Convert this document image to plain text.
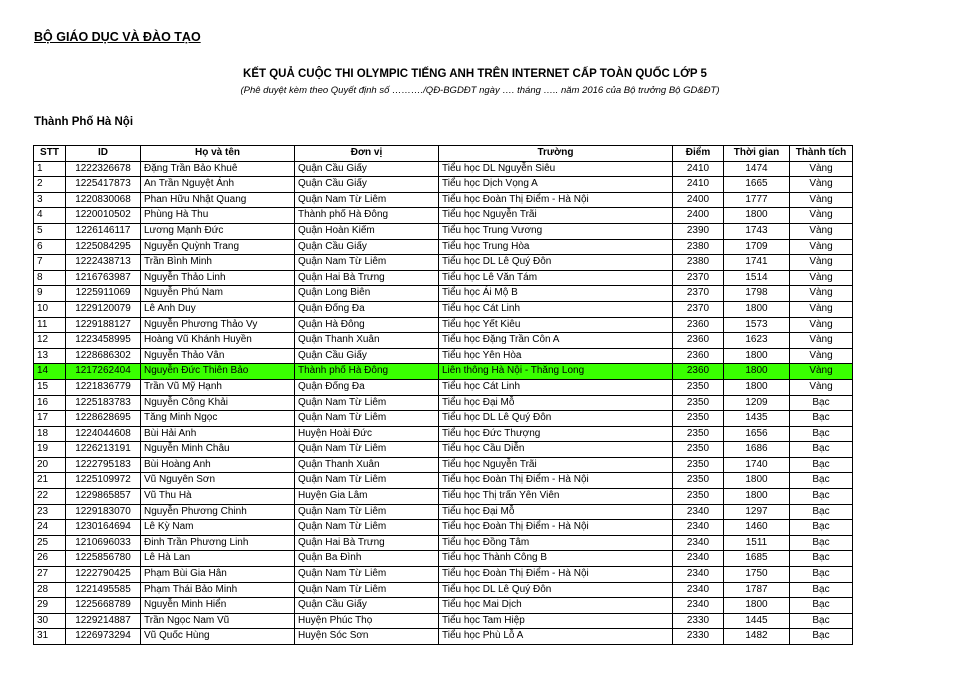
BỘ GIÁO DỤC VÀ ĐÀO TẠO
KẾT QUẢ CUỘC THI OLYMPIC TIẾNG ANH TRÊN INTERNET CẤP TOÀN QUỐC LỚP 5
(Phê duyệt kèm theo Quyết định số ………./QĐ-BGDĐT ngày …. tháng ….. năm 2016 của Bộ trưởng Bộ GD&ĐT)
Thành Phố Hà Nội
STT	ID	Họ và tên	Đơn vị	Trường	Điểm	Thời gian	Thành tích
1	1222326678	Đặng Trần Bảo Khuê	Quận Cầu Giấy	Tiểu học DL Nguyễn Siêu	2410	1474	Vàng
2	1225417873	An Trần Nguyệt Ánh	Quận Cầu Giấy	Tiểu học Dịch Vọng A	2410	1665	Vàng
3	1220830068	Phan Hữu Nhật Quang	Quận Nam Từ Liêm	Tiểu học Đoàn Thị Điểm - Hà Nội	2400	1777	Vàng
4	1220010502	Phùng Hà Thu	Thành phố Hà Đông	Tiểu học Nguyễn Trãi	2400	1800	Vàng
5	1226146117	Lương Mạnh Đức	Quận Hoàn Kiếm	Tiểu học Trung Vương	2390	1743	Vàng
6	1225084295	Nguyễn Quỳnh Trang	Quận Cầu Giấy	Tiểu học Trung Hòa	2380	1709	Vàng
7	1222438713	Trần Bình Minh	Quận Nam Từ Liêm	Tiểu học DL Lê Quý Đôn	2380	1741	Vàng
8	1216763987	Nguyễn Thảo Linh	Quận Hai Bà Trưng	Tiểu học Lê Văn Tám	2370	1514	Vàng
9	1225911069	Nguyễn Phú Nam	Quận Long Biên	Tiểu học Ái Mộ B	2370	1798	Vàng
10	1229120079	Lê Anh Duy	Quận Đống Đa	Tiểu học Cát Linh	2370	1800	Vàng
11	1229188127	Nguyễn Phương Thảo Vy	Quận Hà Đông	Tiểu học Yết Kiêu	2360	1573	Vàng
12	1223458995	Hoàng Vũ Khánh Huyền	Quận Thanh Xuân	Tiểu học Đặng Trần Côn A	2360	1623	Vàng
13	1228686302	Nguyễn Thảo Vân	Quận Cầu Giấy	Tiểu học Yên Hòa	2360	1800	Vàng
14	1217262404	Nguyễn Đức Thiên Bảo	Thành phố Hà Đông	Liên thông Hà Nội - Thăng Long	2360	1800	Vàng
15	1221836779	Trần Vũ Mỹ Hạnh	Quận Đống Đa	Tiểu học Cát Linh	2350	1800	Vàng
16	1225183783	Nguyễn Công Khải	Quận Nam Từ Liêm	Tiểu học Đại Mỗ	2350	1209	Bạc
17	1228628695	Tăng Minh Ngọc	Quận Nam Từ Liêm	Tiểu học DL Lê Quý Đôn	2350	1435	Bạc
18	1224044608	Bùi Hải Anh	Huyện Hoài Đức	Tiểu học Đức Thượng	2350	1656	Bạc
19	1226213191	Nguyễn Minh Châu	Quận Nam Từ Liêm	Tiểu học Cầu Diễn	2350	1686	Bạc
20	1222795183	Bùi Hoàng Anh	Quận Thanh Xuân	Tiểu học Nguyễn Trãi	2350	1740	Bạc
21	1225109972	Vũ Nguyên Sơn	Quận Nam Từ Liêm	Tiểu học Đoàn Thị Điểm - Hà Nội	2350	1800	Bạc
22	1229865857	Vũ Thu Hà	Huyện Gia Lâm	Tiểu học Thị trấn Yên Viên	2350	1800	Bạc
23	1229183070	Nguyễn Phương Chinh	Quận Nam Từ Liêm	Tiểu học Đại Mỗ	2340	1297	Bạc
24	1230164694	Lê Kỳ Nam	Quận Nam Từ Liêm	Tiểu học Đoàn Thị Điểm - Hà Nội	2340	1460	Bạc
25	1210696033	Đinh Trần Phương Linh	Quận Hai Bà Trưng	Tiểu học Đồng Tâm	2340	1511	Bạc
26	1225856780	Lê Hà Lan	Quận Ba Đình	Tiểu học Thành Công B	2340	1685	Bạc
27	1222790425	Phạm Bùi Gia Hân	Quận Nam Từ Liêm	Tiểu học Đoàn Thị Điểm - Hà Nội	2340	1750	Bạc
28	1221495585	Phạm Thái Bảo Minh	Quận Nam Từ Liêm	Tiểu học DL Lê Quý Đôn	2340	1787	Bạc
29	1225668789	Nguyễn Minh Hiển	Quận Cầu Giấy	Tiểu học Mai Dịch	2340	1800	Bạc
30	1229214887	Trần Ngọc Nam Vũ	Huyện Phúc Thọ	Tiểu học Tam Hiệp	2330	1445	Bạc
31	1226973294	Vũ Quốc Hùng	Huyện Sóc Sơn	Tiểu học Phù Lỗ A	2330	1482	Bạc
